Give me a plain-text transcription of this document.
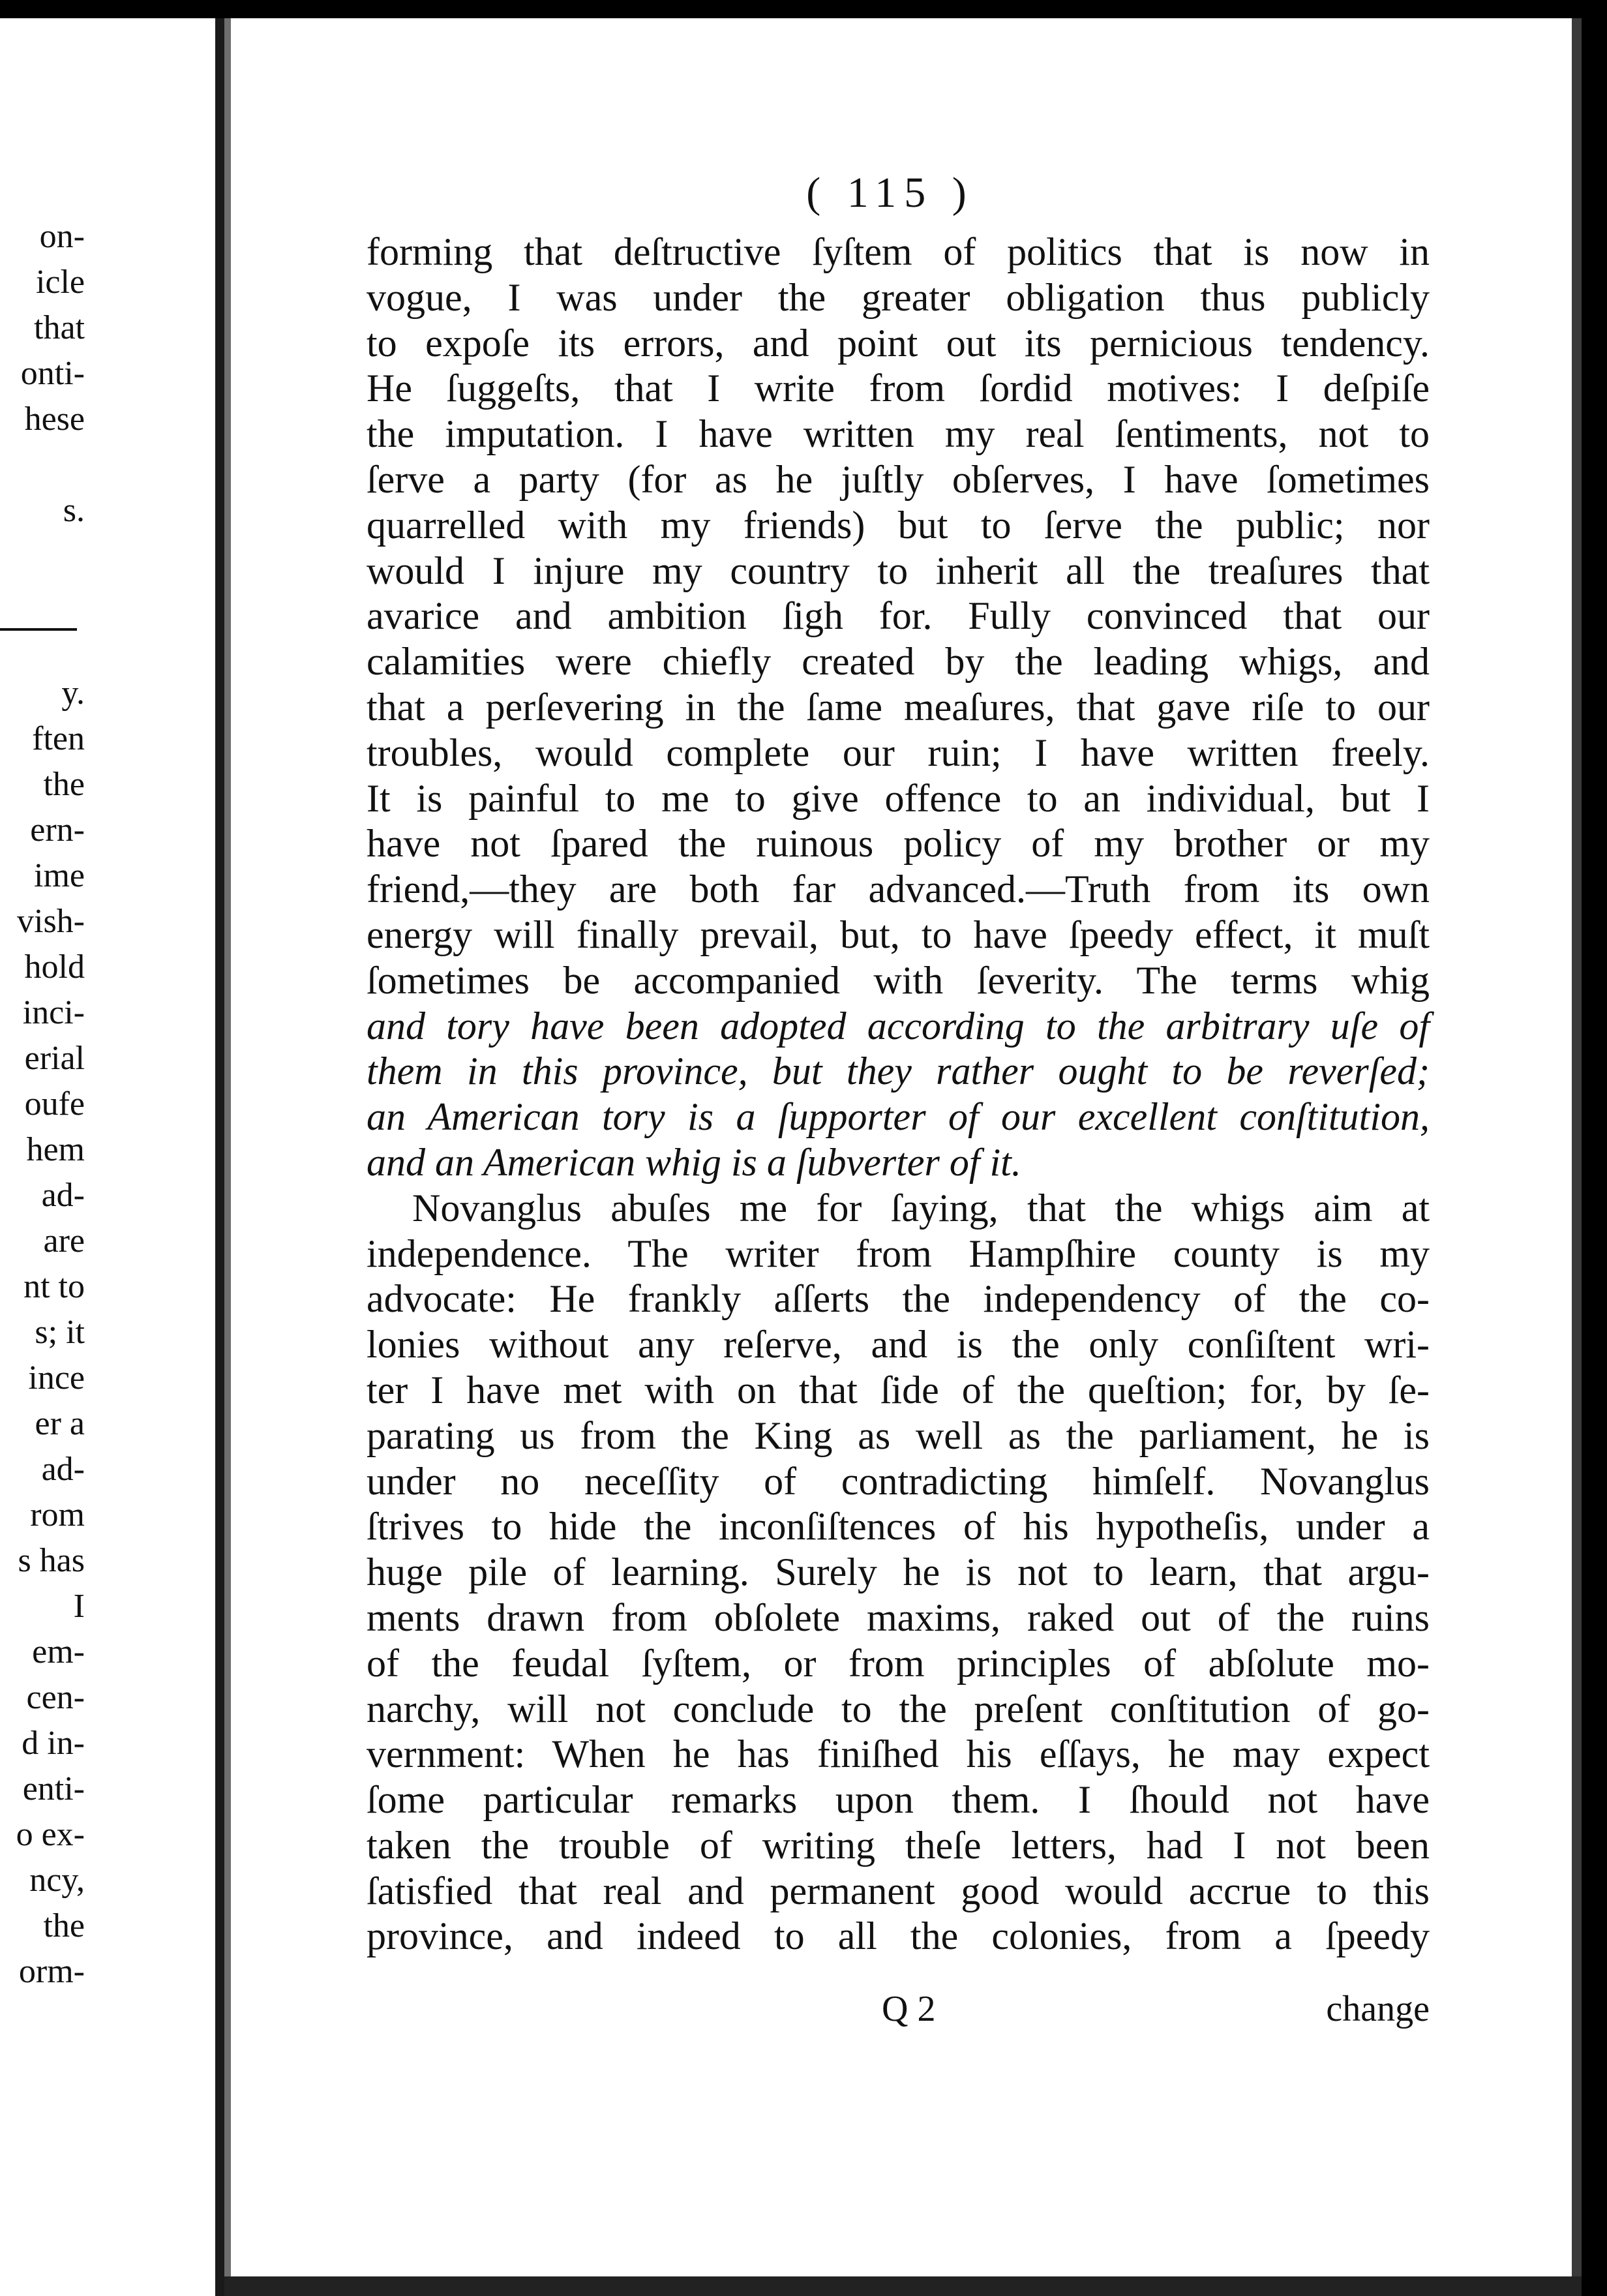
on-
icle
that
onti-
hese
s.
y.
ften
the
ern-
ime
vish-
hold
inci-
erial
oufe
hem
ad-
are
nt to
s; it
ince
er a
ad-
rom
s has
I
em-
cen-
d in-
enti-
o ex-
ncy,
the
orm-
( 115 )
forming that deſtructive ſyſtem of politics that is now in
vogue, I was under the greater obligation thus publicly
to expoſe its errors, and point out its pernicious tendency.
He ſuggeſts, that I write from ſordid motives: I deſpiſe
the imputation. I have written my real ſentiments, not to
ſerve a party (for as he juſtly obſerves, I have ſometimes
quarrelled with my friends) but to ſerve the public; nor
would I injure my country to inherit all the treaſures that
avarice and ambition ſigh for. Fully convinced that our
calamities were chiefly created by the leading whigs, and
that a perſevering in the ſame meaſures, that gave riſe to our
troubles, would complete our ruin; I have written freely.
It is painful to me to give offence to an individual, but I
have not ſpared the ruinous policy of my brother or my
friend,—they are both far advanced.—Truth from its own
energy will finally prevail, but, to have ſpeedy effect, it muſt
ſometimes be accompanied with ſeverity. The terms whig
and tory have been adopted according to the arbitrary uſe of
them in this province, but they rather ought to be reverſed;
an American tory is a ſupporter of our excellent conſtitution,
and an American whig is a ſubverter of it.
Novanglus abuſes me for ſaying, that the whigs aim at
independence. The writer from Hampſhire county is my
advocate: He frankly aſſerts the independency of the co-
lonies without any reſerve, and is the only conſiſtent wri-
ter I have met with on that ſide of the queſtion; for, by ſe-
parating us from the King as well as the parliament, he is
under no neceſſity of contradicting himſelf. Novanglus
ſtrives to hide the inconſiſtences of his hypotheſis, under a
huge pile of learning. Surely he is not to learn, that argu-
ments drawn from obſolete maxims, raked out of the ruins
of the feudal ſyſtem, or from principles of abſolute mo-
narchy, will not conclude to the preſent conſtitution of go-
vernment: When he has finiſhed his eſſays, he may expect
ſome particular remarks upon them. I ſhould not have
taken the trouble of writing theſe letters, had I not been
ſatisfied that real and permanent good would accrue to this
province, and indeed to all the colonies, from a ſpeedy
Q 2	change
